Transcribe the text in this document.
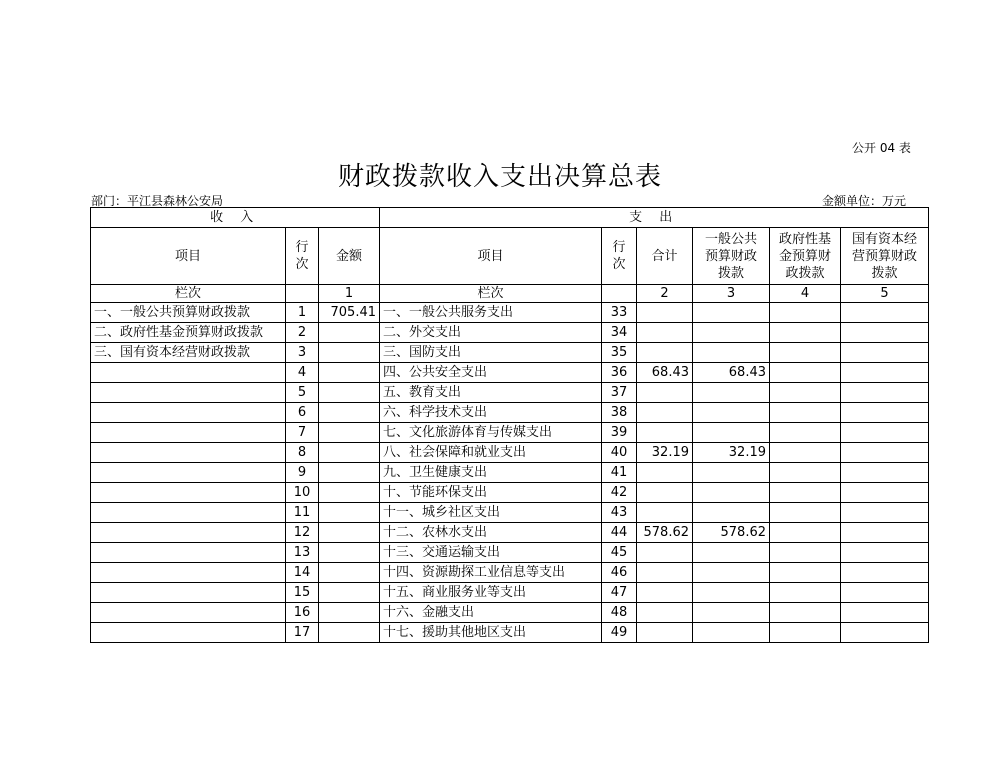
公开 04 表
财政拨款收入支出决算总表
部门：平江县森林公安局	金额单位：万元
收 入			支 出					
项目	行次	金额	项目	行次	合计	一般公共预算财政拨款	政府性基金预算财政拨款	国有资本经营预算财政拨款
栏次		1	栏次		2	3	4	5
一、一般公共预算财政拨款	1	705.41	一、一般公共服务支出	33				
二、政府性基金预算财政拨款	2		二、外交支出	34				
三、国有资本经营财政拨款	3		三、国防支出	35				
	4		四、公共安全支出	36	68.43	68.43		
	5		五、教育支出	37				
	6		六、科学技术支出	38				
	7		七、文化旅游体育与传媒支出	39				
	8		八、社会保障和就业支出	40	32.19	32.19		
	9		九、卫生健康支出	41				
	10		十、节能环保支出	42				
	11		十一、城乡社区支出	43				
	12		十二、农林水支出	44	578.62	578.62		
	13		十三、交通运输支出	45				
	14		十四、资源勘探工业信息等支出	46				
	15		十五、商业服务业等支出	47				
	16		十六、金融支出	48				
	17		十七、援助其他地区支出	49				
